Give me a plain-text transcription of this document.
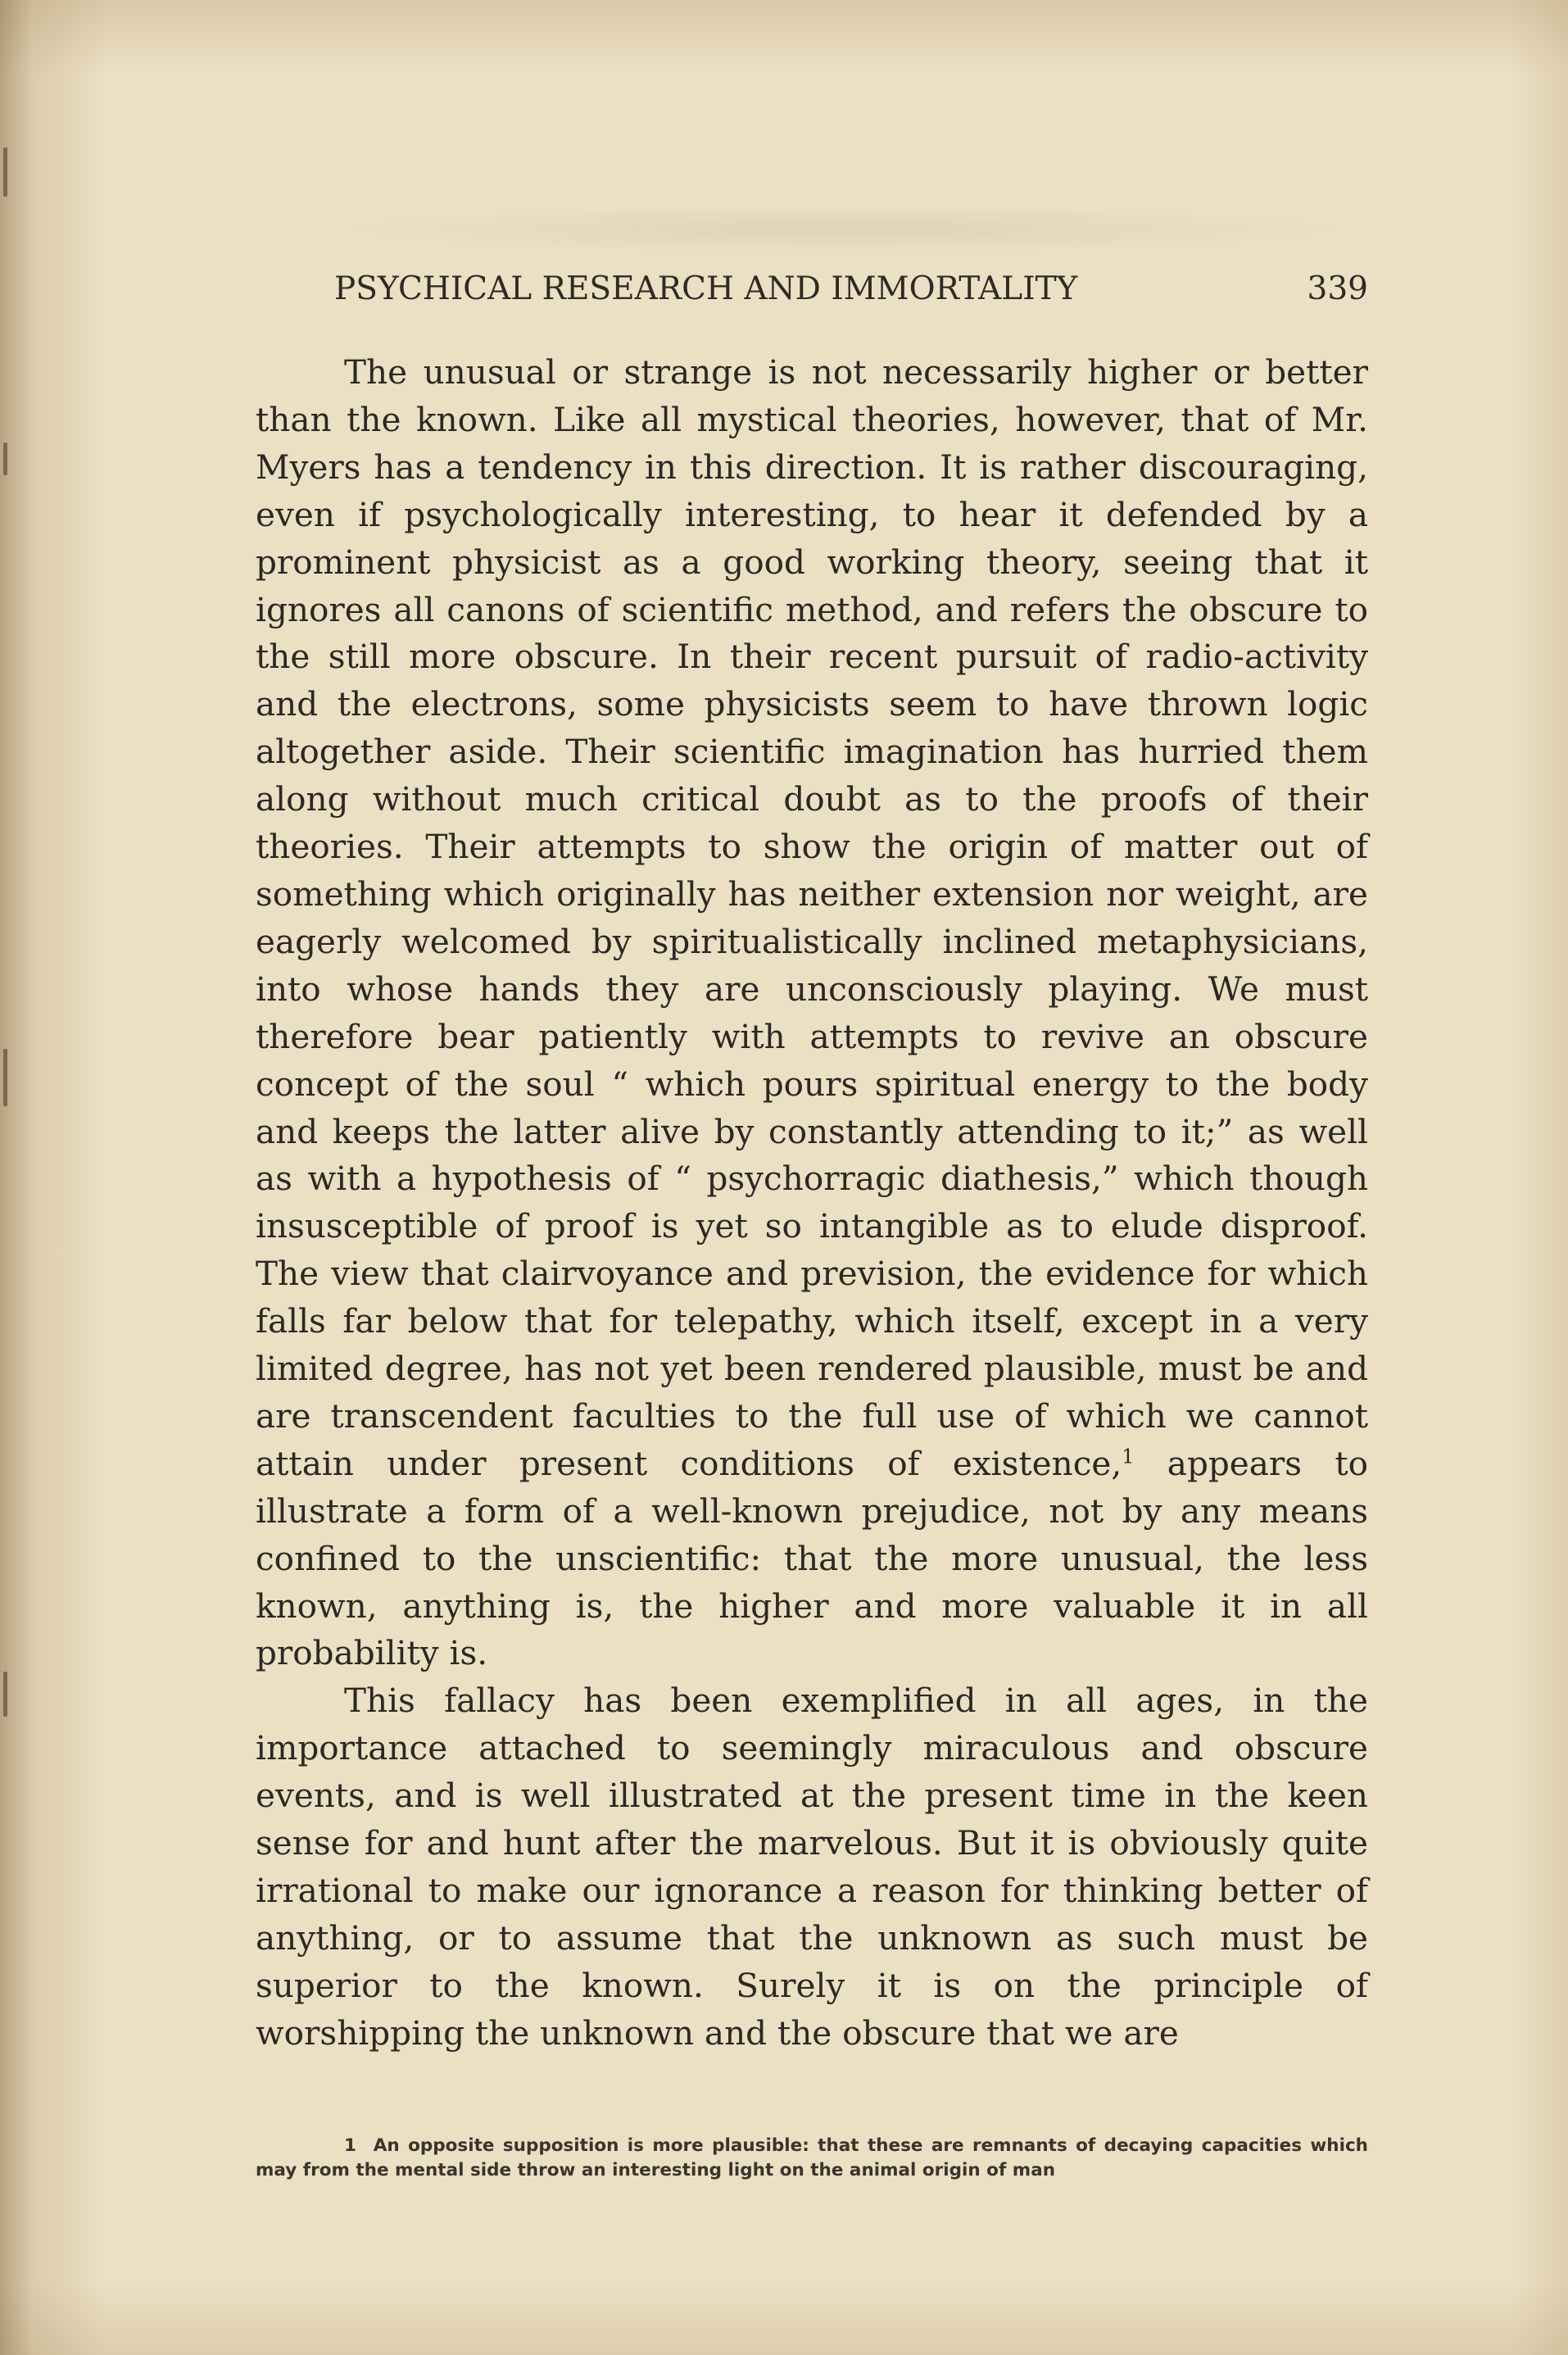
PSYCHICAL RESEARCH AND IMMORTALITY	339

The unusual or strange is not necessarily higher or better than the known. Like all mystical theories, however, that of Mr. Myers has a tendency in this direction. It is rather discouraging, even if psychologically interesting, to hear it defended by a prominent physicist as a good working theory, seeing that it ignores all canons of scientific method, and refers the obscure to the still more obscure. In their recent pursuit of radio-activity and the electrons, some physicists seem to have thrown logic altogether aside. Their scientific imagination has hurried them along without much critical doubt as to the proofs of their theories. Their attempts to show the origin of matter out of something which originally has neither extension nor weight, are eagerly welcomed by spiritualistically inclined metaphysicians, into whose hands they are unconsciously playing. We must therefore bear patiently with attempts to revive an obscure concept of the soul “ which pours spiritual energy to the body and keeps the latter alive by constantly attending to it;” as well as with a hypothesis of “ psychorragic diathesis,” which though insusceptible of proof is yet so intangible as to elude disproof. The view that clairvoyance and prevision, the evidence for which falls far below that for telepathy, which itself, except in a very limited degree, has not yet been rendered plausible, must be and are transcendent faculties to the full use of which we cannot attain under present conditions of existence,$^1$ appears to illustrate a form of a well-known prejudice, not by any means confined to the unscientific: that the more unusual, the less known, anything is, the higher and more valuable it in all probability is.

This fallacy has been exemplified in all ages, in the importance attached to seemingly miraculous and obscure events, and is well illustrated at the present time in the keen sense for and hunt after the marvelous. But it is obviously quite irrational to make our ignorance a reason for thinking better of anything, or to assume that the unknown as such must be superior to the known. Surely it is on the principle of worshipping the unknown and the obscure that we are

1 An opposite supposition is more plausible: that these are remnants of decaying capacities which may from the mental side throw an interesting light on the animal origin of man
